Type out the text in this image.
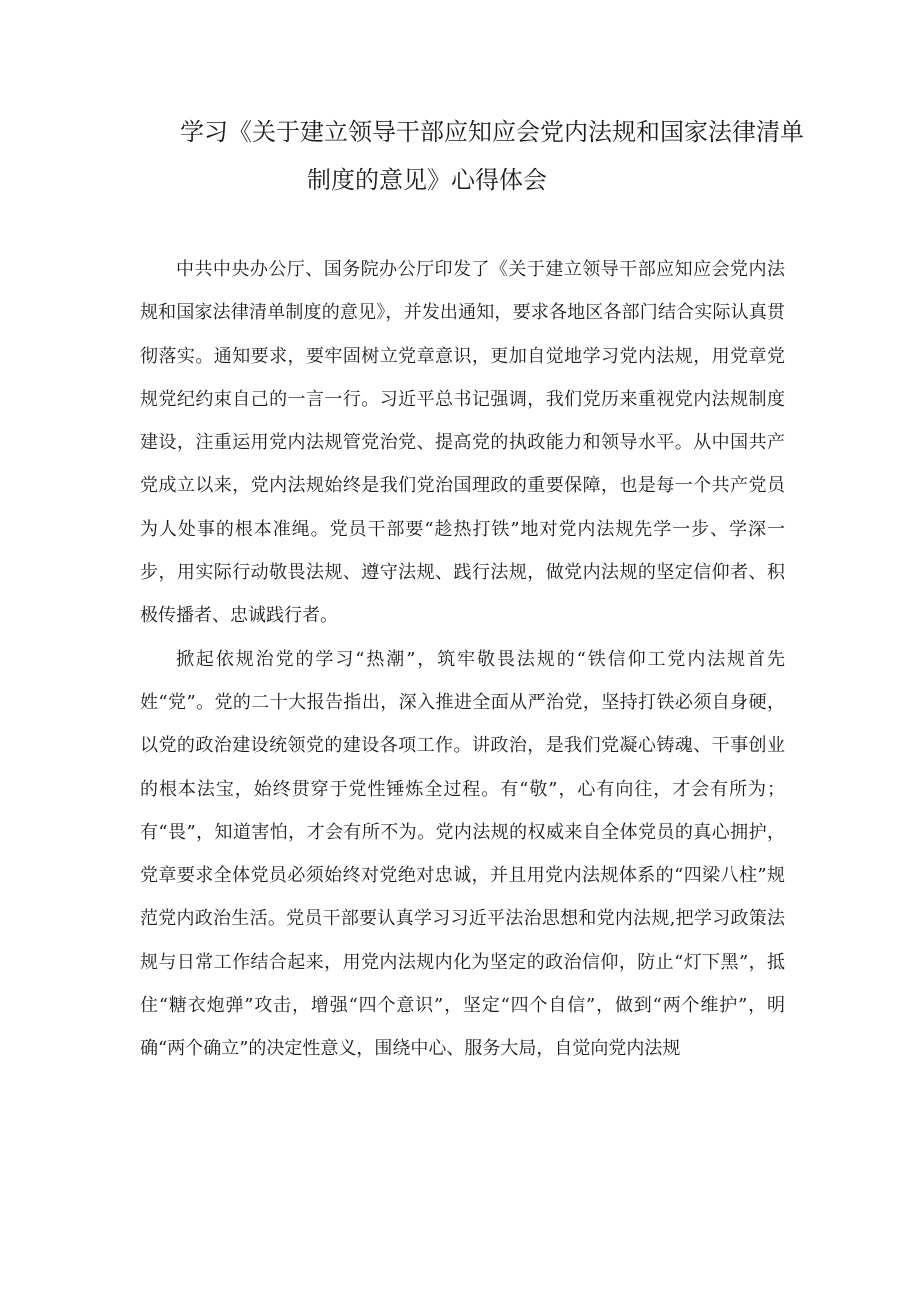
学习《关于建立领导干部应知应会党内法规和国家法律清单
制度的意见》心得体会

中共中央办公厅、国务院办公厅印发了《关于建立领导干部应知应会党内法规和国家法律清单制度的意见》，并发出通知，要求各地区各部门结合实际认真贯彻落实。通知要求，要牢固树立党章意识，更加自觉地学习党内法规，用党章党规党纪约束自己的一言一行。习近平总书记强调，我们党历来重视党内法规制度建设，注重运用党内法规管党治党、提高党的执政能力和领导水平。从中国共产党成立以来，党内法规始终是我们党治国理政的重要保障，也是每一个共产党员为人处事的根本准绳。党员干部要“趁热打铁”地对党内法规先学一步、学深一步，用实际行动敬畏法规、遵守法规、践行法规，做党内法规的坚定信仰者、积极传播者、忠诚践行者。

掀起依规治党的学习“热潮”，筑牢敬畏法规的“铁信仰工党内法规首先姓“党”。党的二十大报告指出，深入推进全面从严治党，坚持打铁必须自身硬，以党的政治建设统领党的建设各项工作。讲政治，是我们党凝心铸魂、干事创业的根本法宝，始终贯穿于党性锤炼全过程。有“敬”，心有向往，才会有所为；有“畏”，知道害怕，才会有所不为。党内法规的权威来自全体党员的真心拥护，党章要求全体党员必须始终对党绝对忠诚，并且用党内法规体系的“四梁八柱”规范党内政治生活。党员干部要认真学习习近平法治思想和党内法规,把学习政策法规与日常工作结合起来，用党内法规内化为坚定的政治信仰，防止“灯下黑”，抵住“糖衣炮弹”攻击，增强“四个意识”，坚定“四个自信”，做到“两个维护”，明确“两个确立”的决定性意义，围绕中心、服务大局，自觉向党内法规
